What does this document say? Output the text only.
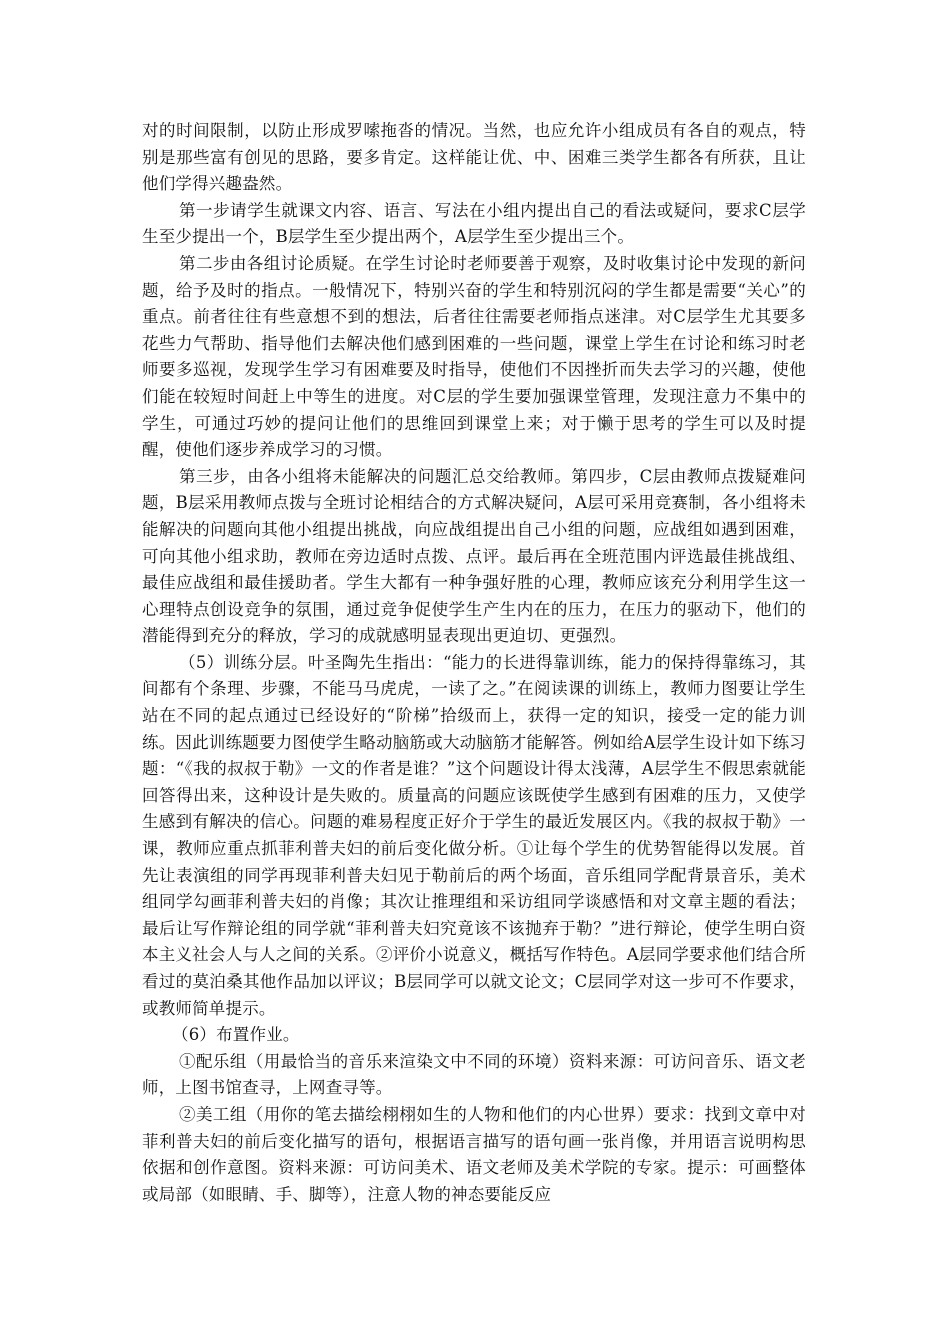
对的时间限制，以防止形成罗嗦拖沓的情况。当然，也应允许小组成员有各自的观点，特别是那些富有创见的思路，要多肯定。这样能让优、中、困难三类学生都各有所获，且让他们学得兴趣盎然。

第一步请学生就课文内容、语言、写法在小组内提出自己的看法或疑问，要求C层学生至少提出一个，B层学生至少提出两个，A层学生至少提出三个。

第二步由各组讨论质疑。在学生讨论时老师要善于观察，及时收集讨论中发现的新问题，给予及时的指点。一般情况下，特别兴奋的学生和特别沉闷的学生都是需要“关心”的重点。前者往往有些意想不到的想法，后者往往需要老师指点迷津。对C层学生尤其要多花些力气帮助、指导他们去解决他们感到困难的一些问题，课堂上学生在讨论和练习时老师要多巡视，发现学生学习有困难要及时指导，使他们不因挫折而失去学习的兴趣，使他们能在较短时间赶上中等生的进度。对C层的学生要加强课堂管理，发现注意力不集中的学生，可通过巧妙的提问让他们的思维回到课堂上来；对于懒于思考的学生可以及时提醒，使他们逐步养成学习的习惯。

第三步，由各小组将未能解决的问题汇总交给教师。第四步，C层由教师点拨疑难问题，B层采用教师点拨与全班讨论相结合的方式解决疑问，A层可采用竞赛制，各小组将未能解决的问题向其他小组提出挑战，向应战组提出自己小组的问题，应战组如遇到困难，可向其他小组求助，教师在旁边适时点拨、点评。最后再在全班范围内评选最佳挑战组、最佳应战组和最佳援助者。学生大都有一种争强好胜的心理，教师应该充分利用学生这一心理特点创设竞争的氛围，通过竞争促使学生产生内在的压力，在压力的驱动下，他们的潜能得到充分的释放，学习的成就感明显表现出更迫切、更强烈。

（5）训练分层。叶圣陶先生指出：“能力的长进得靠训练，能力的保持得靠练习，其间都有个条理、步骤，不能马马虎虎，一读了之。”在阅读课的训练上，教师力图要让学生站在不同的起点通过已经设好的“阶梯”拾级而上，获得一定的知识，接受一定的能力训练。因此训练题要力图使学生略动脑筋或大动脑筋才能解答。例如给A层学生设计如下练习题：“《我的叔叔于勒》一文的作者是谁？”这个问题设计得太浅薄，A层学生不假思索就能回答得出来，这种设计是失败的。质量高的问题应该既使学生感到有困难的压力，又使学生感到有解决的信心。问题的难易程度正好介于学生的最近发展区内。《我的叔叔于勒》一课，教师应重点抓菲利普夫妇的前后变化做分析。①让每个学生的优势智能得以发展。首先让表演组的同学再现菲利普夫妇见于勒前后的两个场面，音乐组同学配背景音乐，美术组同学勾画菲利普夫妇的肖像；其次让推理组和采访组同学谈感悟和对文章主题的看法；最后让写作辩论组的同学就“菲利普夫妇究竟该不该抛弃于勒？”进行辩论，使学生明白资本主义社会人与人之间的关系。②评价小说意义，概括写作特色。A层同学要求他们结合所看过的莫泊桑其他作品加以评议；B层同学可以就文论文；C层同学对这一步可不作要求，或教师简单提示。

（6）布置作业。

①配乐组（用最恰当的音乐来渲染文中不同的环境）资料来源：可访问音乐、语文老师，上图书馆查寻，上网查寻等。

②美工组（用你的笔去描绘栩栩如生的人物和他们的内心世界）要求：找到文章中对菲利普夫妇的前后变化描写的语句，根据语言描写的语句画一张肖像，并用语言说明构思依据和创作意图。资料来源：可访问美术、语文老师及美术学院的专家。提示：可画整体或局部（如眼睛、手、脚等），注意人物的神态要能反应
